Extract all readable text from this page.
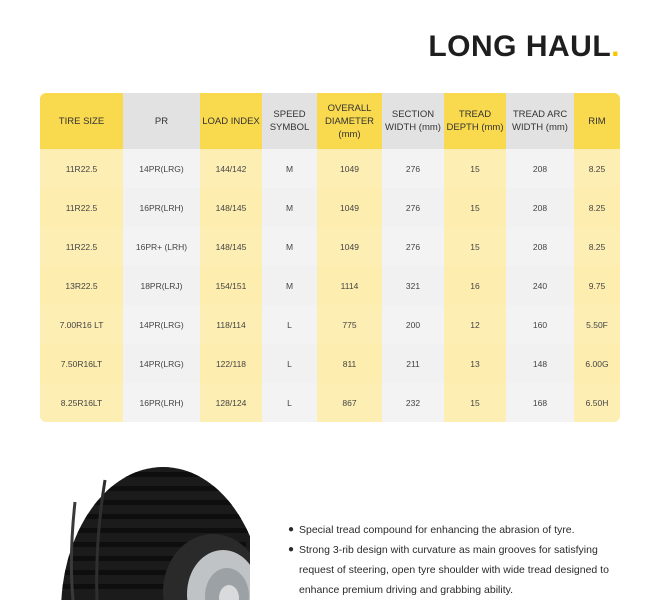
LONG HAUL.
TIRE SIZE	PR	LOAD INDEX	SPEED SYMBOL	OVERALL DIAMETER (mm)	SECTION WIDTH (mm)	TREAD DEPTH (mm)	TREAD ARC WIDTH (mm)	RIM
11R22.5	14PR(LRG)	144/142	M	1049	276	15	208	8.25
11R22.5	16PR(LRH)	148/145	M	1049	276	15	208	8.25
11R22.5	16PR+ (LRH)	148/145	M	1049	276	15	208	8.25
13R22.5	18PR(LRJ)	154/151	M	1114	321	16	240	9.75
7.00R16 LT	14PR(LRG)	118/114	L	775	200	12	160	5.50F
7.50R16LT	14PR(LRG)	122/118	L	811	211	13	148	6.00G
8.25R16LT	16PR(LRH)	128/124	L	867	232	15	168	6.50H
● Special tread compound for enhancing the abrasion of tyre.
● Strong 3-rib design with curvature as main grooves for satisfying request of steering, open tyre shoulder with wide tread designed to enhance premium driving and grabbing ability.
